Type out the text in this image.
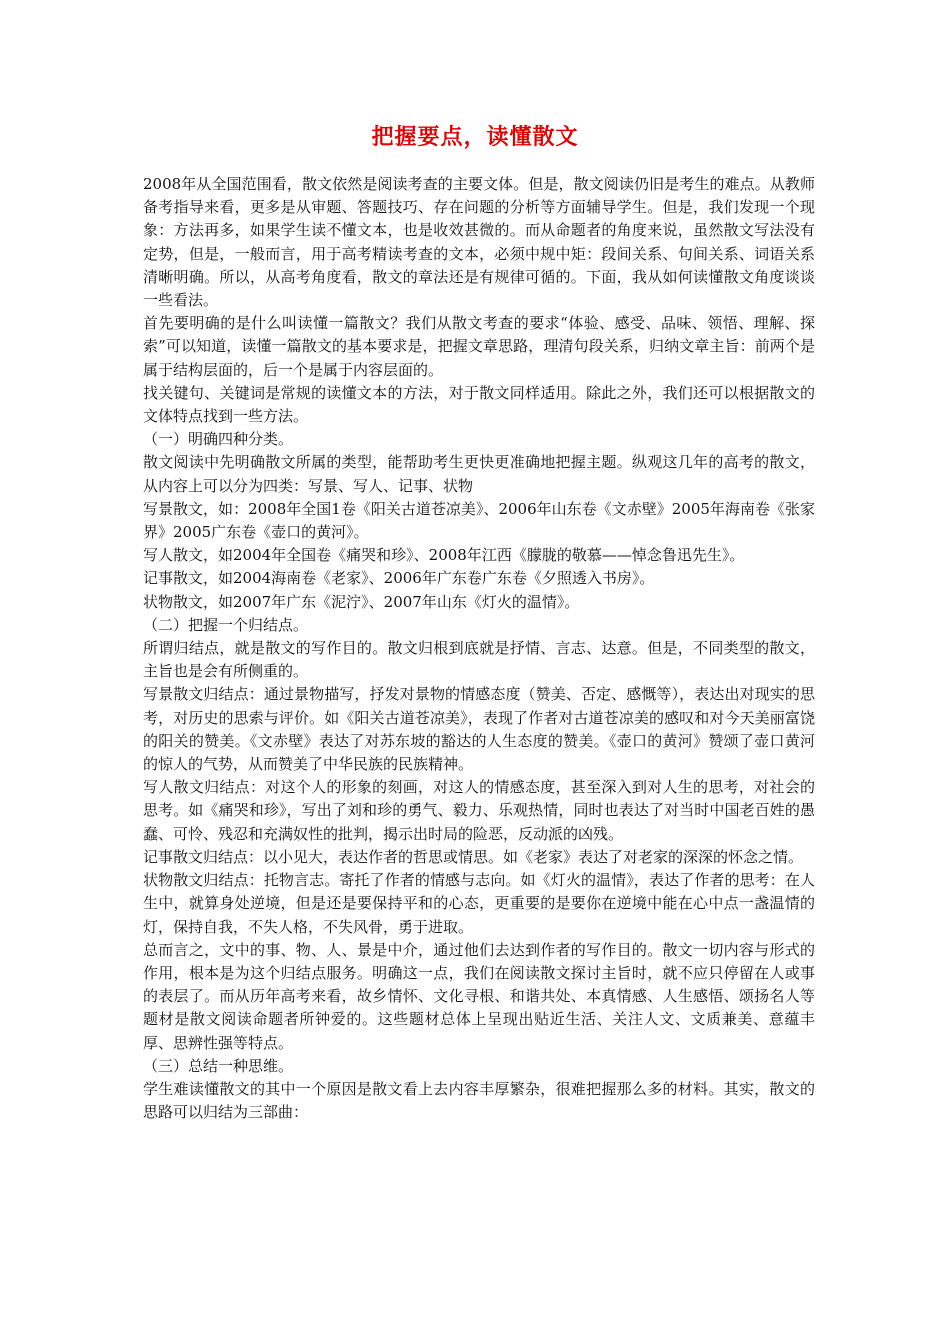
把握要点，读懂散文

2008年从全国范围看，散文依然是阅读考查的主要文体。但是，散文阅读仍旧是考生的难点。从教师备考指导来看，更多是从审题、答题技巧、存在问题的分析等方面辅导学生。但是，我们发现一个现象：方法再多，如果学生读不懂文本，也是收效甚微的。而从命题者的角度来说，虽然散文写法没有定势，但是，一般而言，用于高考精读考查的文本，必须中规中矩：段间关系、句间关系、词语关系清晰明确。所以，从高考角度看，散文的章法还是有规律可循的。下面，我从如何读懂散文角度谈谈一些看法。

首先要明确的是什么叫读懂一篇散文？我们从散文考查的要求“体验、感受、品味、领悟、理解、探索”可以知道，读懂一篇散文的基本要求是，把握文章思路，理清句段关系，归纳文章主旨：前两个是属于结构层面的，后一个是属于内容层面的。

找关键句、关键词是常规的读懂文本的方法，对于散文同样适用。除此之外，我们还可以根据散文的文体特点找到一些方法。

（一）明确四种分类。

散文阅读中先明确散文所属的类型，能帮助考生更快更准确地把握主题。纵观这几年的高考的散文，从内容上可以分为四类：写景、写人、记事、状物

写景散文，如：2008年全国1卷《阳关古道苍凉美》、2006年山东卷《文赤壁》2005年海南卷《张家界》2005广东卷《壶口的黄河》。

写人散文，如2004年全国卷《痛哭和珍》、2008年江西《朦胧的敬慕——悼念鲁迅先生》。

记事散文，如2004海南卷《老家》、2006年广东卷广东卷《夕照透入书房》。

状物散文，如2007年广东《泥泞》、2007年山东《灯火的温情》。

（二）把握一个归结点。

所谓归结点，就是散文的写作目的。散文归根到底就是抒情、言志、达意。但是，不同类型的散文，主旨也是会有所侧重的。

写景散文归结点：通过景物描写，抒发对景物的情感态度（赞美、否定、感慨等），表达出对现实的思考，对历史的思索与评价。如《阳关古道苍凉美》，表现了作者对古道苍凉美的感叹和对今天美丽富饶的阳关的赞美。《文赤壁》表达了对苏东坡的豁达的人生态度的赞美。《壶口的黄河》赞颂了壶口黄河的惊人的气势，从而赞美了中华民族的民族精神。

写人散文归结点：对这个人的形象的刻画，对这人的情感态度，甚至深入到对人生的思考，对社会的思考。如《痛哭和珍》，写出了刘和珍的勇气、毅力、乐观热情，同时也表达了对当时中国老百姓的愚蠢、可怜、残忍和充满奴性的批判，揭示出时局的险恶，反动派的凶残。

记事散文归结点：以小见大，表达作者的哲思或情思。如《老家》表达了对老家的深深的怀念之情。

状物散文归结点：托物言志。寄托了作者的情感与志向。如《灯火的温情》，表达了作者的思考：在人生中，就算身处逆境，但是还是要保持平和的心态，更重要的是要你在逆境中能在心中点一盏温情的灯，保持自我，不失人格，不失风骨，勇于进取。

总而言之，文中的事、物、人、景是中介，通过他们去达到作者的写作目的。散文一切内容与形式的作用，根本是为这个归结点服务。明确这一点，我们在阅读散文探讨主旨时，就不应只停留在人或事的表层了。而从历年高考来看，故乡情怀、文化寻根、和谐共处、本真情感、人生感悟、颂扬名人等题材是散文阅读命题者所钟爱的。这些题材总体上呈现出贴近生活、关注人文、文质兼美、意蕴丰厚、思辨性强等特点。

（三）总结一种思维。

学生难读懂散文的其中一个原因是散文看上去内容丰厚繁杂，很难把握那么多的材料。其实，散文的思路可以归结为三部曲：
